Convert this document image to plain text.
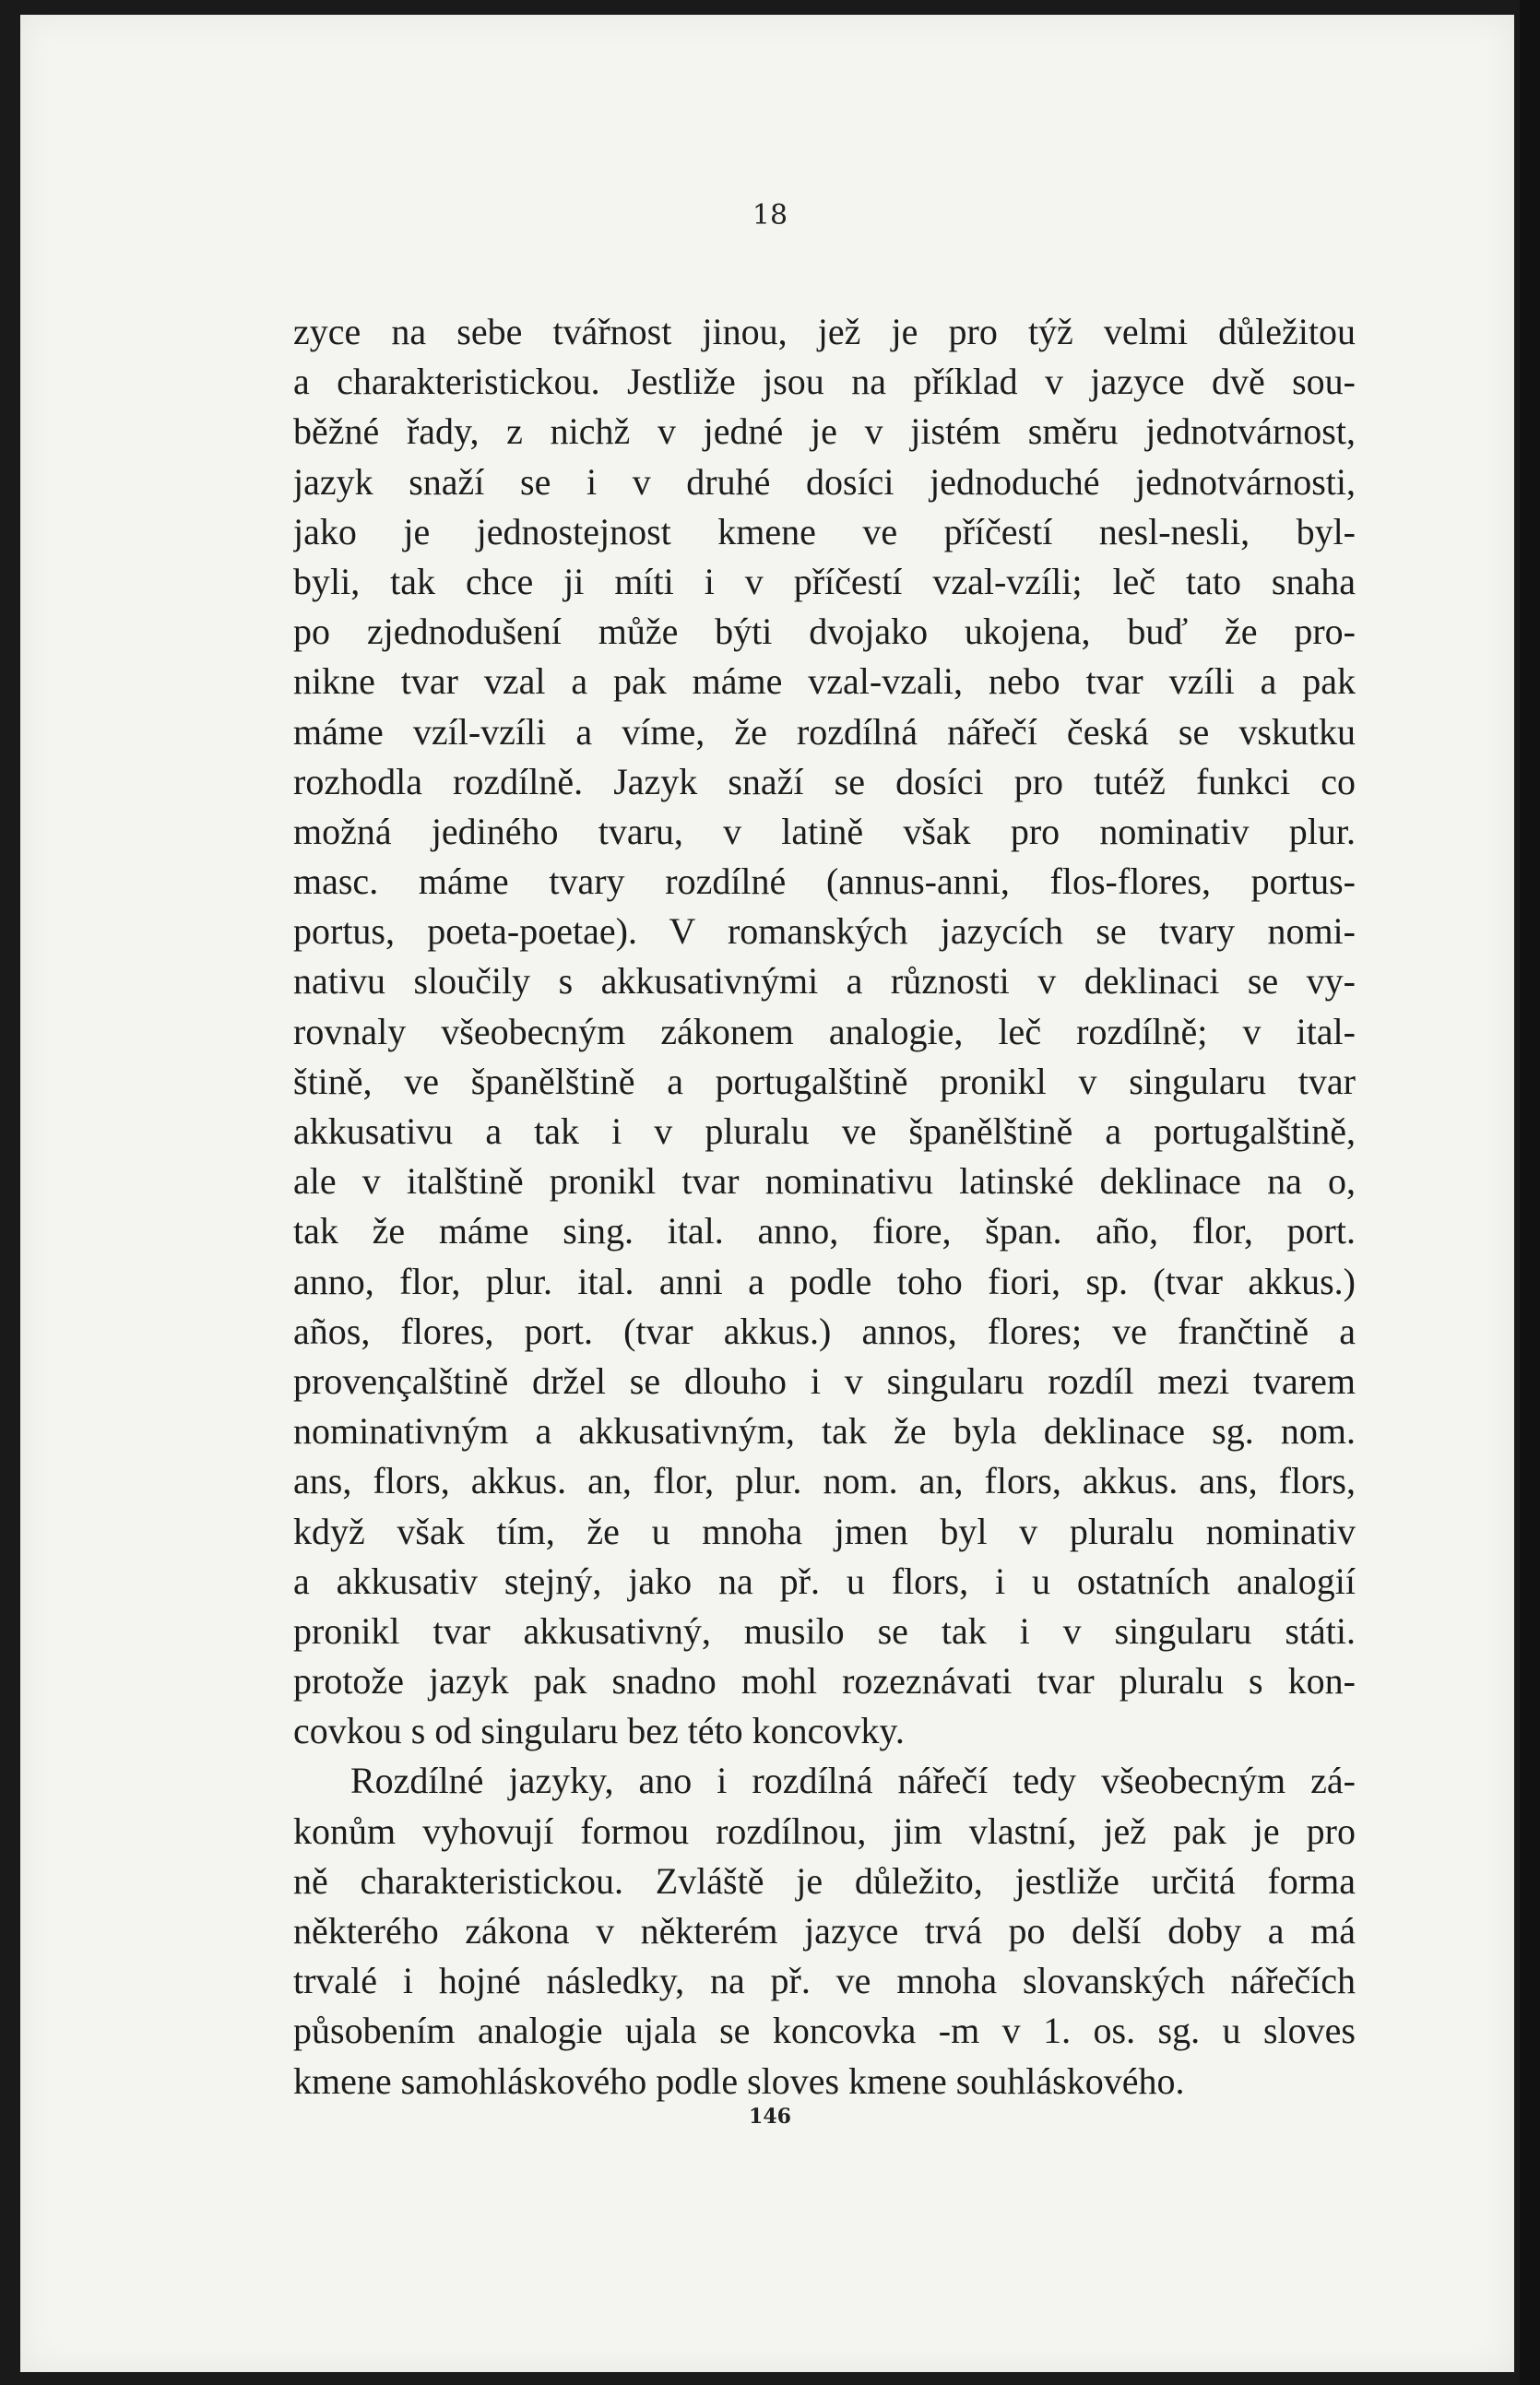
18
zyce na sebe tvářnost jinou, jež je pro týž velmi důležitou
a charakteristickou. Jestliže jsou na příklad v jazyce dvě sou-
běžné řady, z nichž v jedné je v jistém směru jednotvárnost,
jazyk snaží se i v druhé dosíci jednoduché jednotvárnosti,
jako je jednostejnost kmene ve příčestí nesl-nesli, byl-
byli, tak chce ji míti i v příčestí vzal-vzíli; leč tato snaha
po zjednodušení může býti dvojako ukojena, buď že pro-
nikne tvar vzal a pak máme vzal-vzali, nebo tvar vzíli a pak
máme vzíl-vzíli a víme, že rozdílná nářečí česká se vskutku
rozhodla rozdílně. Jazyk snaží se dosíci pro tutéž funkci co
možná jediného tvaru, v latině však pro nominativ plur.
masc. máme tvary rozdílné (annus-anni, flos-flores, portus-
portus, poeta-poetae). V romanských jazycích se tvary nomi-
nativu sloučily s akkusativnými a různosti v deklinaci se vy-
rovnaly všeobecným zákonem analogie, leč rozdílně; v ital-
štině, ve španělštině a portugalštině pronikl v singularu tvar
akkusativu a tak i v pluralu ve španělštině a portugalštině,
ale v italštině pronikl tvar nominativu latinské deklinace na o,
tak že máme sing. ital. anno, fiore, špan. año, flor, port.
anno, flor, plur. ital. anni a podle toho fiori, sp. (tvar akkus.)
años, flores, port. (tvar akkus.) annos, flores; ve frančtině a
provençalštině držel se dlouho i v singularu rozdíl mezi tvarem
nominativným a akkusativným, tak že byla deklinace sg. nom.
ans, flors, akkus. an, flor, plur. nom. an, flors, akkus. ans, flors,
když však tím, že u mnoha jmen byl v pluralu nominativ
a akkusativ stejný, jako na př. u flors, i u ostatních analogií
pronikl tvar akkusativný, musilo se tak i v singularu státi.
protože jazyk pak snadno mohl rozeznávati tvar pluralu s kon-
covkou s od singularu bez této koncovky.
Rozdílné jazyky, ano i rozdílná nářečí tedy všeobecným zá-
konům vyhovují formou rozdílnou, jim vlastní, jež pak je pro
ně charakteristickou. Zvláště je důležito, jestliže určitá forma
některého zákona v některém jazyce trvá po delší doby a má
trvalé i hojné následky, na př. ve mnoha slovanských nářečích
působením analogie ujala se koncovka -m v 1. os. sg. u sloves
kmene samohláskového podle sloves kmene souhláskového.
146
